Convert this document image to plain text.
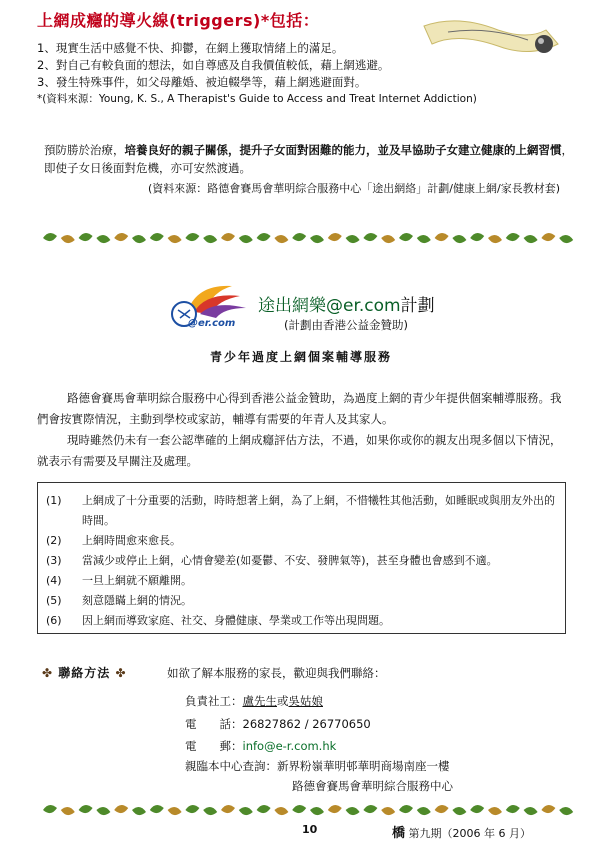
上網成癮的導火線(triggers)*包括：
1、現實生活中感覺不快、抑鬱，在網上獲取情緒上的滿足。
2、對自己有較負面的想法，如自尊感及自我價值較低，藉上網逃避。
3、發生特殊事件，如父母離婚、被迫輟學等，藉上網逃避面對。
*(資料來源：Young, K. S., A Therapist's Guide to Access and Treat Internet Addiction)
預防勝於治療，培養良好的親子關係，提升子女面對困難的能力，並及早協助子女建立健康的上網習慣，即使子女日後面對危機，亦可安然渡過。
(資料來源：路德會賽馬會華明綜合服務中心「途出網絡」計劃/健康上網/家長教材套)
@er.com
途出網樂@er.com計劃
(計劃由香港公益金贊助)
青少年過度上網個案輔導服務

路德會賽馬會華明綜合服務中心得到香港公益金贊助，為過度上網的青少年提供個案輔導服務。我們會按實際情況，主動到學校或家訪，輔導有需要的年青人及其家人。

現時雖然仍未有一套公認準確的上網成癮評估方法，不過，如果你或你的親友出現多個以下情況，就表示有需要及早關注及處理。

(1)	上網成了十分重要的活動，時時想著上網，為了上網，不惜犧牲其他活動，如睡眠或與朋友外出的時間。
(2)	上網時間愈來愈長。
(3)	當減少或停止上網，心情會變差(如憂鬱、不安、發脾氣等)，甚至身體也會感到不適。
(4)	一旦上網就不願離開。
(5)	刻意隱瞞上網的情況。
(6)	因上網而導致家庭、社交、身體健康、學業或工作等出現問題。
✤ 聯絡方法 ✤	如欲了解本服務的家長，歡迎與我們聯絡：
負責社工：盧先生或吳姑娘
電　　話：26827862 / 26770650
電　　郵：info@e-r.com.hk
親臨本中心查詢：新界粉嶺華明邨華明商場南座一樓
路德會賽馬會華明綜合服務中心
10	橋 第九期（2006 年 6 月）
